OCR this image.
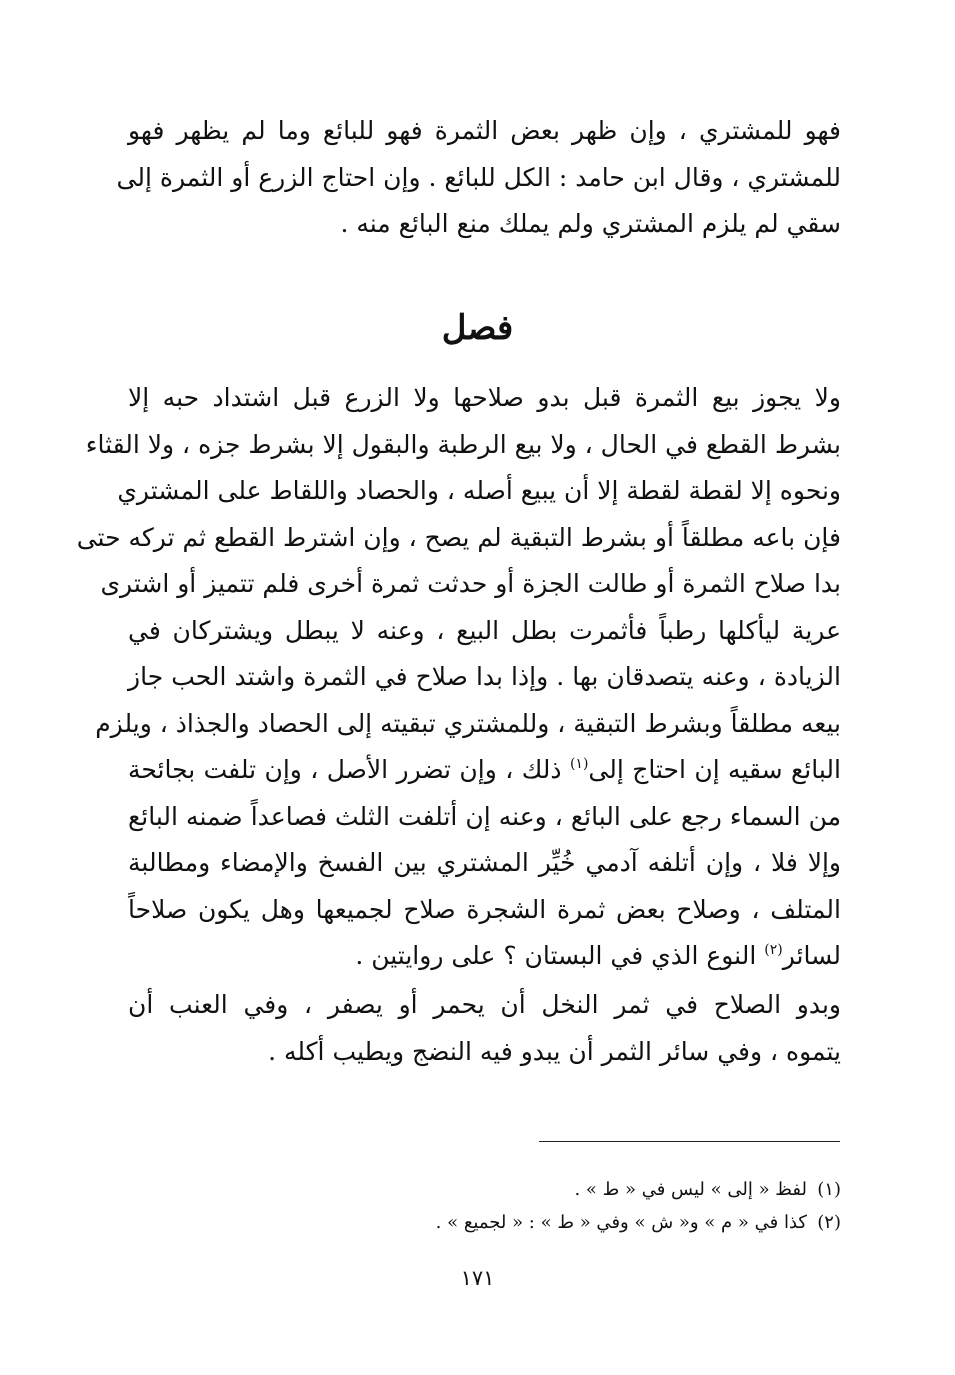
فهو للمشتري ، وإن ظهر بعض الثمرة فهو للبائع وما لم يظهر فهو
للمشتري ، وقال ابن حامد : الكل للبائع . وإن احتاج الزرع أو الثمرة إلى
سقي لم يلزم المشتري ولم يملك منع البائع منه .
فصل
ولا يجوز بيع الثمرة قبل بدو صلاحها ولا الزرع قبل اشتداد حبه إلا
بشرط القطع في الحال ، ولا بيع الرطبة والبقول إلا بشرط جزه ، ولا القثاء
ونحوه إلا لقطة لقطة إلا أن يبيع أصله ، والحصاد واللقاط على المشتري
فإن باعه مطلقاً أو بشرط التبقية لم يصح ، وإن اشترط القطع ثم تركه حتى
بدا صلاح الثمرة أو طالت الجزة أو حدثت ثمرة أخرى فلم تتميز أو اشترى
عرية ليأكلها رطباً فأثمرت بطل البيع ، وعنه لا يبطل ويشتركان في
الزيادة ، وعنه يتصدقان بها . وإذا بدا صلاح في الثمرة واشتد الحب جاز
بيعه مطلقاً وبشرط التبقية ، وللمشتري تبقيته إلى الحصاد والجذاذ ، ويلزم
البائع سقيه إن احتاج إلى$^{(١)}$ ذلك ، وإن تضرر الأصل ، وإن تلفت بجائحة
من السماء رجع على البائع ، وعنه إن أتلفت الثلث فصاعداً ضمنه البائع
وإلا فلا ، وإن أتلفه آدمي خُيِّر المشتري بين الفسخ والإمضاء ومطالبة
المتلف ، وصلاح بعض ثمرة الشجرة صلاح لجميعها وهل يكون صلاحاً
لسائر$^{(٢)}$ النوع الذي في البستان ؟ على روايتين .
وبدو الصلاح في ثمر النخل أن يحمر أو يصفر ، وفي العنب أن
يتموه ، وفي سائر الثمر أن يبدو فيه النضج ويطيب أكله .
(١)لفظ « إلى » ليس في « ط » .
(٢)كذا في « م » و« ش » وفي « ط » : « لجميع » .
١٧١
